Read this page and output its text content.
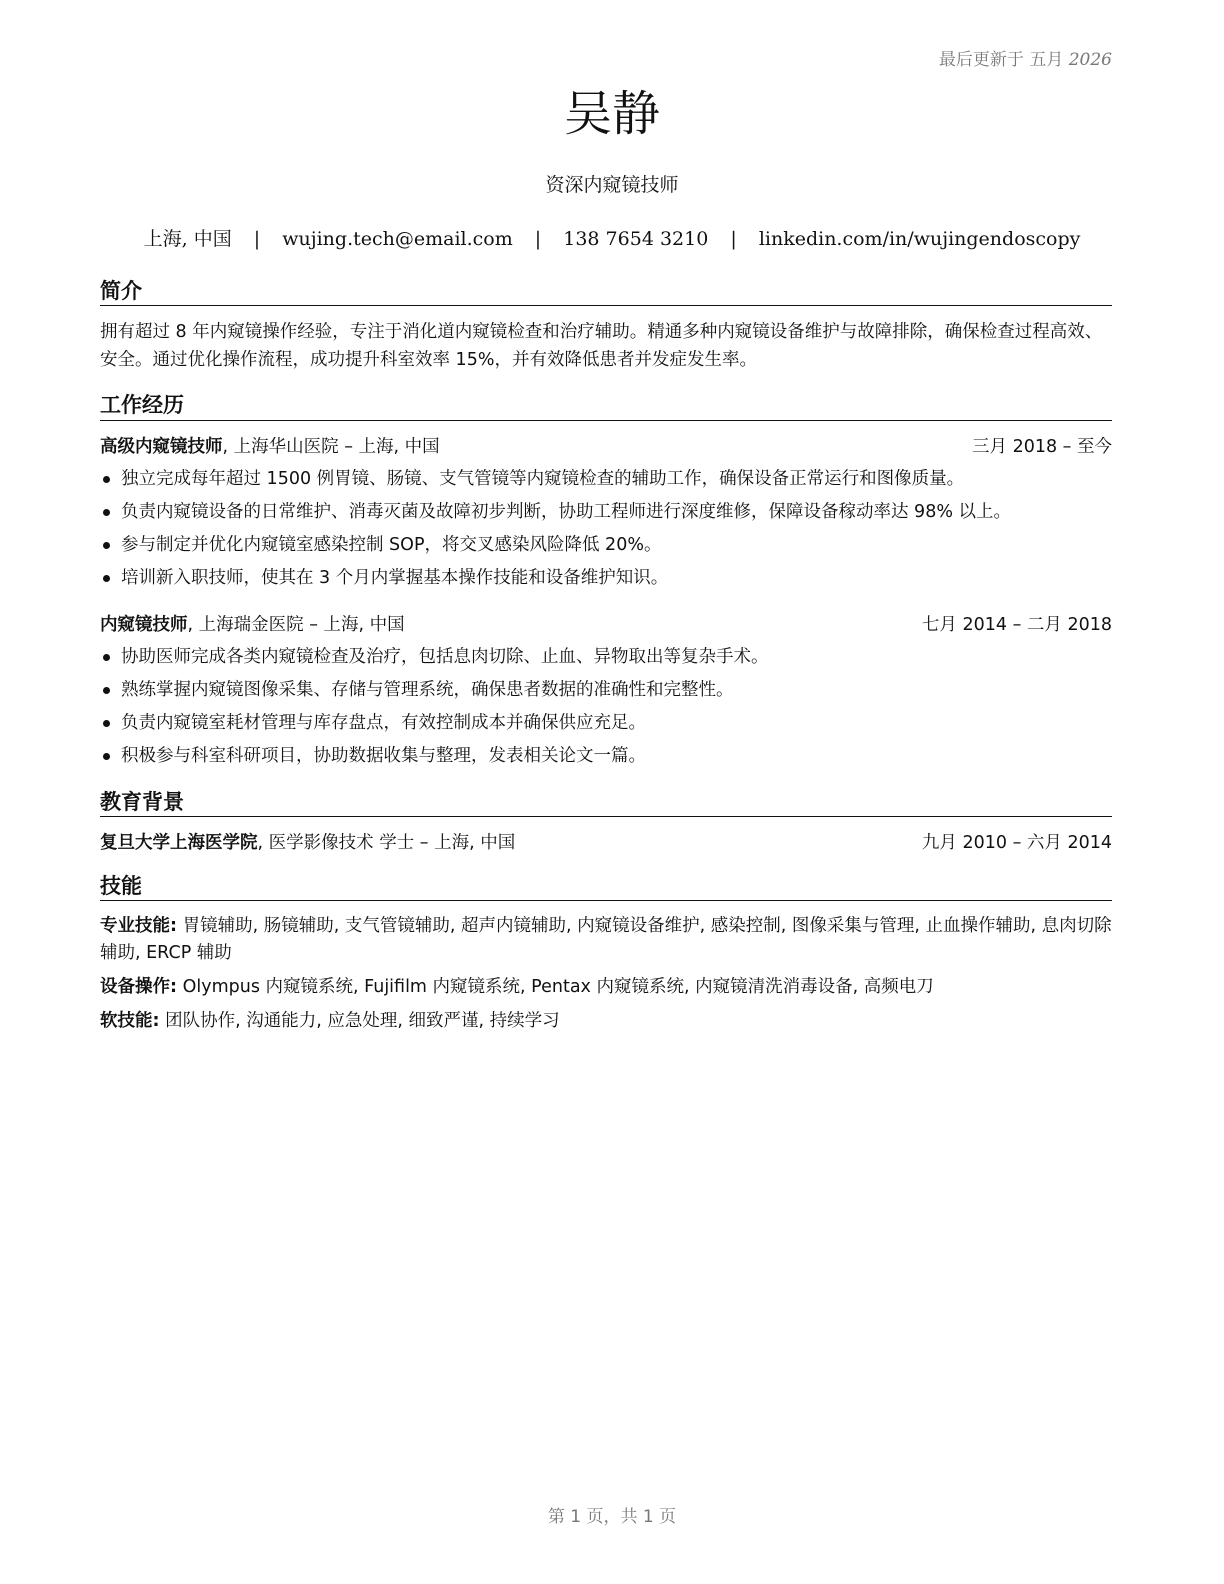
最后更新于 五月 2026
吴静
资深内窥镜技师
上海, 中国 | wujing.tech@email.com | 138 7654 3210 | linkedin.com/in/wujingendoscopy
简介

拥有超过 8 年内窥镜操作经验，专注于消化道内窥镜检查和治疗辅助。精通多种内窥镜设备维护与故障排除，确保检查过程高效、安全。通过优化操作流程，成功提升科室效率 15%，并有效降低患者并发症发生率。

工作经历
高级内窥镜技师, 上海华山医院 – 上海, 中国	三月 2018 – 至今
独立完成每年超过 1500 例胃镜、肠镜、支气管镜等内窥镜检查的辅助工作，确保设备正常运行和图像质量。
负责内窥镜设备的日常维护、消毒灭菌及故障初步判断，协助工程师进行深度维修，保障设备稼动率达 98% 以上。
参与制定并优化内窥镜室感染控制 SOP，将交叉感染风险降低 20%。
培训新入职技师，使其在 3 个月内掌握基本操作技能和设备维护知识。
内窥镜技师, 上海瑞金医院 – 上海, 中国	七月 2014 – 二月 2018
协助医师完成各类内窥镜检查及治疗，包括息肉切除、止血、异物取出等复杂手术。
熟练掌握内窥镜图像采集、存储与管理系统，确保患者数据的准确性和完整性。
负责内窥镜室耗材管理与库存盘点，有效控制成本并确保供应充足。
积极参与科室科研项目，协助数据收集与整理，发表相关论文一篇。
教育背景
复旦大学上海医学院, 医学影像技术 学士 – 上海, 中国	九月 2010 – 六月 2014
技能
专业技能: 胃镜辅助, 肠镜辅助, 支气管镜辅助, 超声内镜辅助, 内窥镜设备维护, 感染控制, 图像采集与管理, 止血操作辅助, 息肉切除辅助, ERCP 辅助
设备操作: Olympus 内窥镜系统, Fujifilm 内窥镜系统, Pentax 内窥镜系统, 内窥镜清洗消毒设备, 高频电刀
软技能: 团队协作, 沟通能力, 应急处理, 细致严谨, 持续学习
第 1 页，共 1 页
